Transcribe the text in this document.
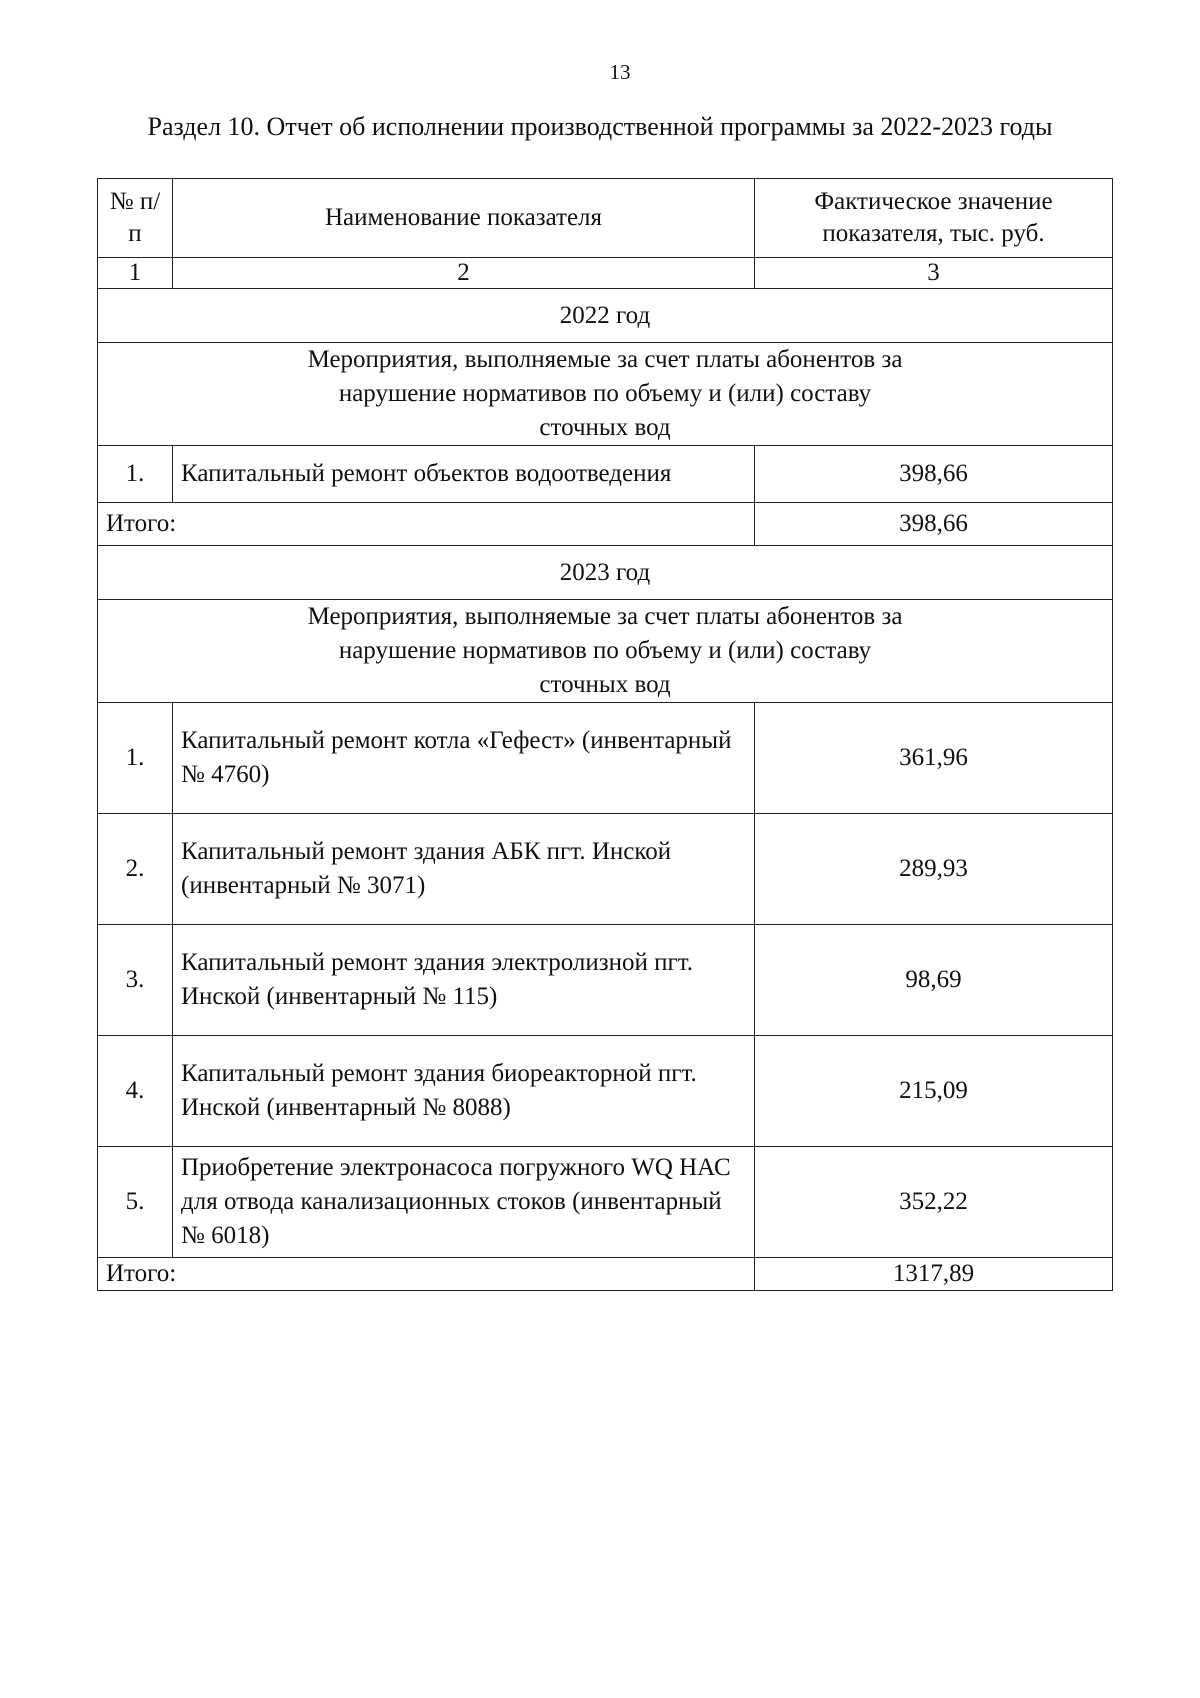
13
Раздел 10. Отчет об исполнении производственной программы за 2022-2023 годы
№ п/п	Наименование показателя	Фактическое значение показателя, тыс. руб.
1	2	3
2022 год		
Мероприятия, выполняемые за счет платы абонентов за нарушение нормативов по объему и (или) составу сточных вод		
1.	Капитальный ремонт объектов водоотведения	398,66
Итого:		398,66
2023 год		
Мероприятия, выполняемые за счет платы абонентов за нарушение нормативов по объему и (или) составу сточных вод		
1.	Капитальный ремонт котла «Гефест» (инвентарный № 4760)	361,96
2.	Капитальный ремонт здания АБК пгт. Инской (инвентарный № 3071)	289,93
3.	Капитальный ремонт здания электролизной пгт. Инской (инвентарный № 115)	98,69
4.	Капитальный ремонт здания биореакторной пгт. Инской (инвентарный № 8088)	215,09
5.	Приобретение электронасоса погружного WQ НАС для отвода канализационных стоков (инвентарный № 6018)	352,22
Итого:		1317,89
